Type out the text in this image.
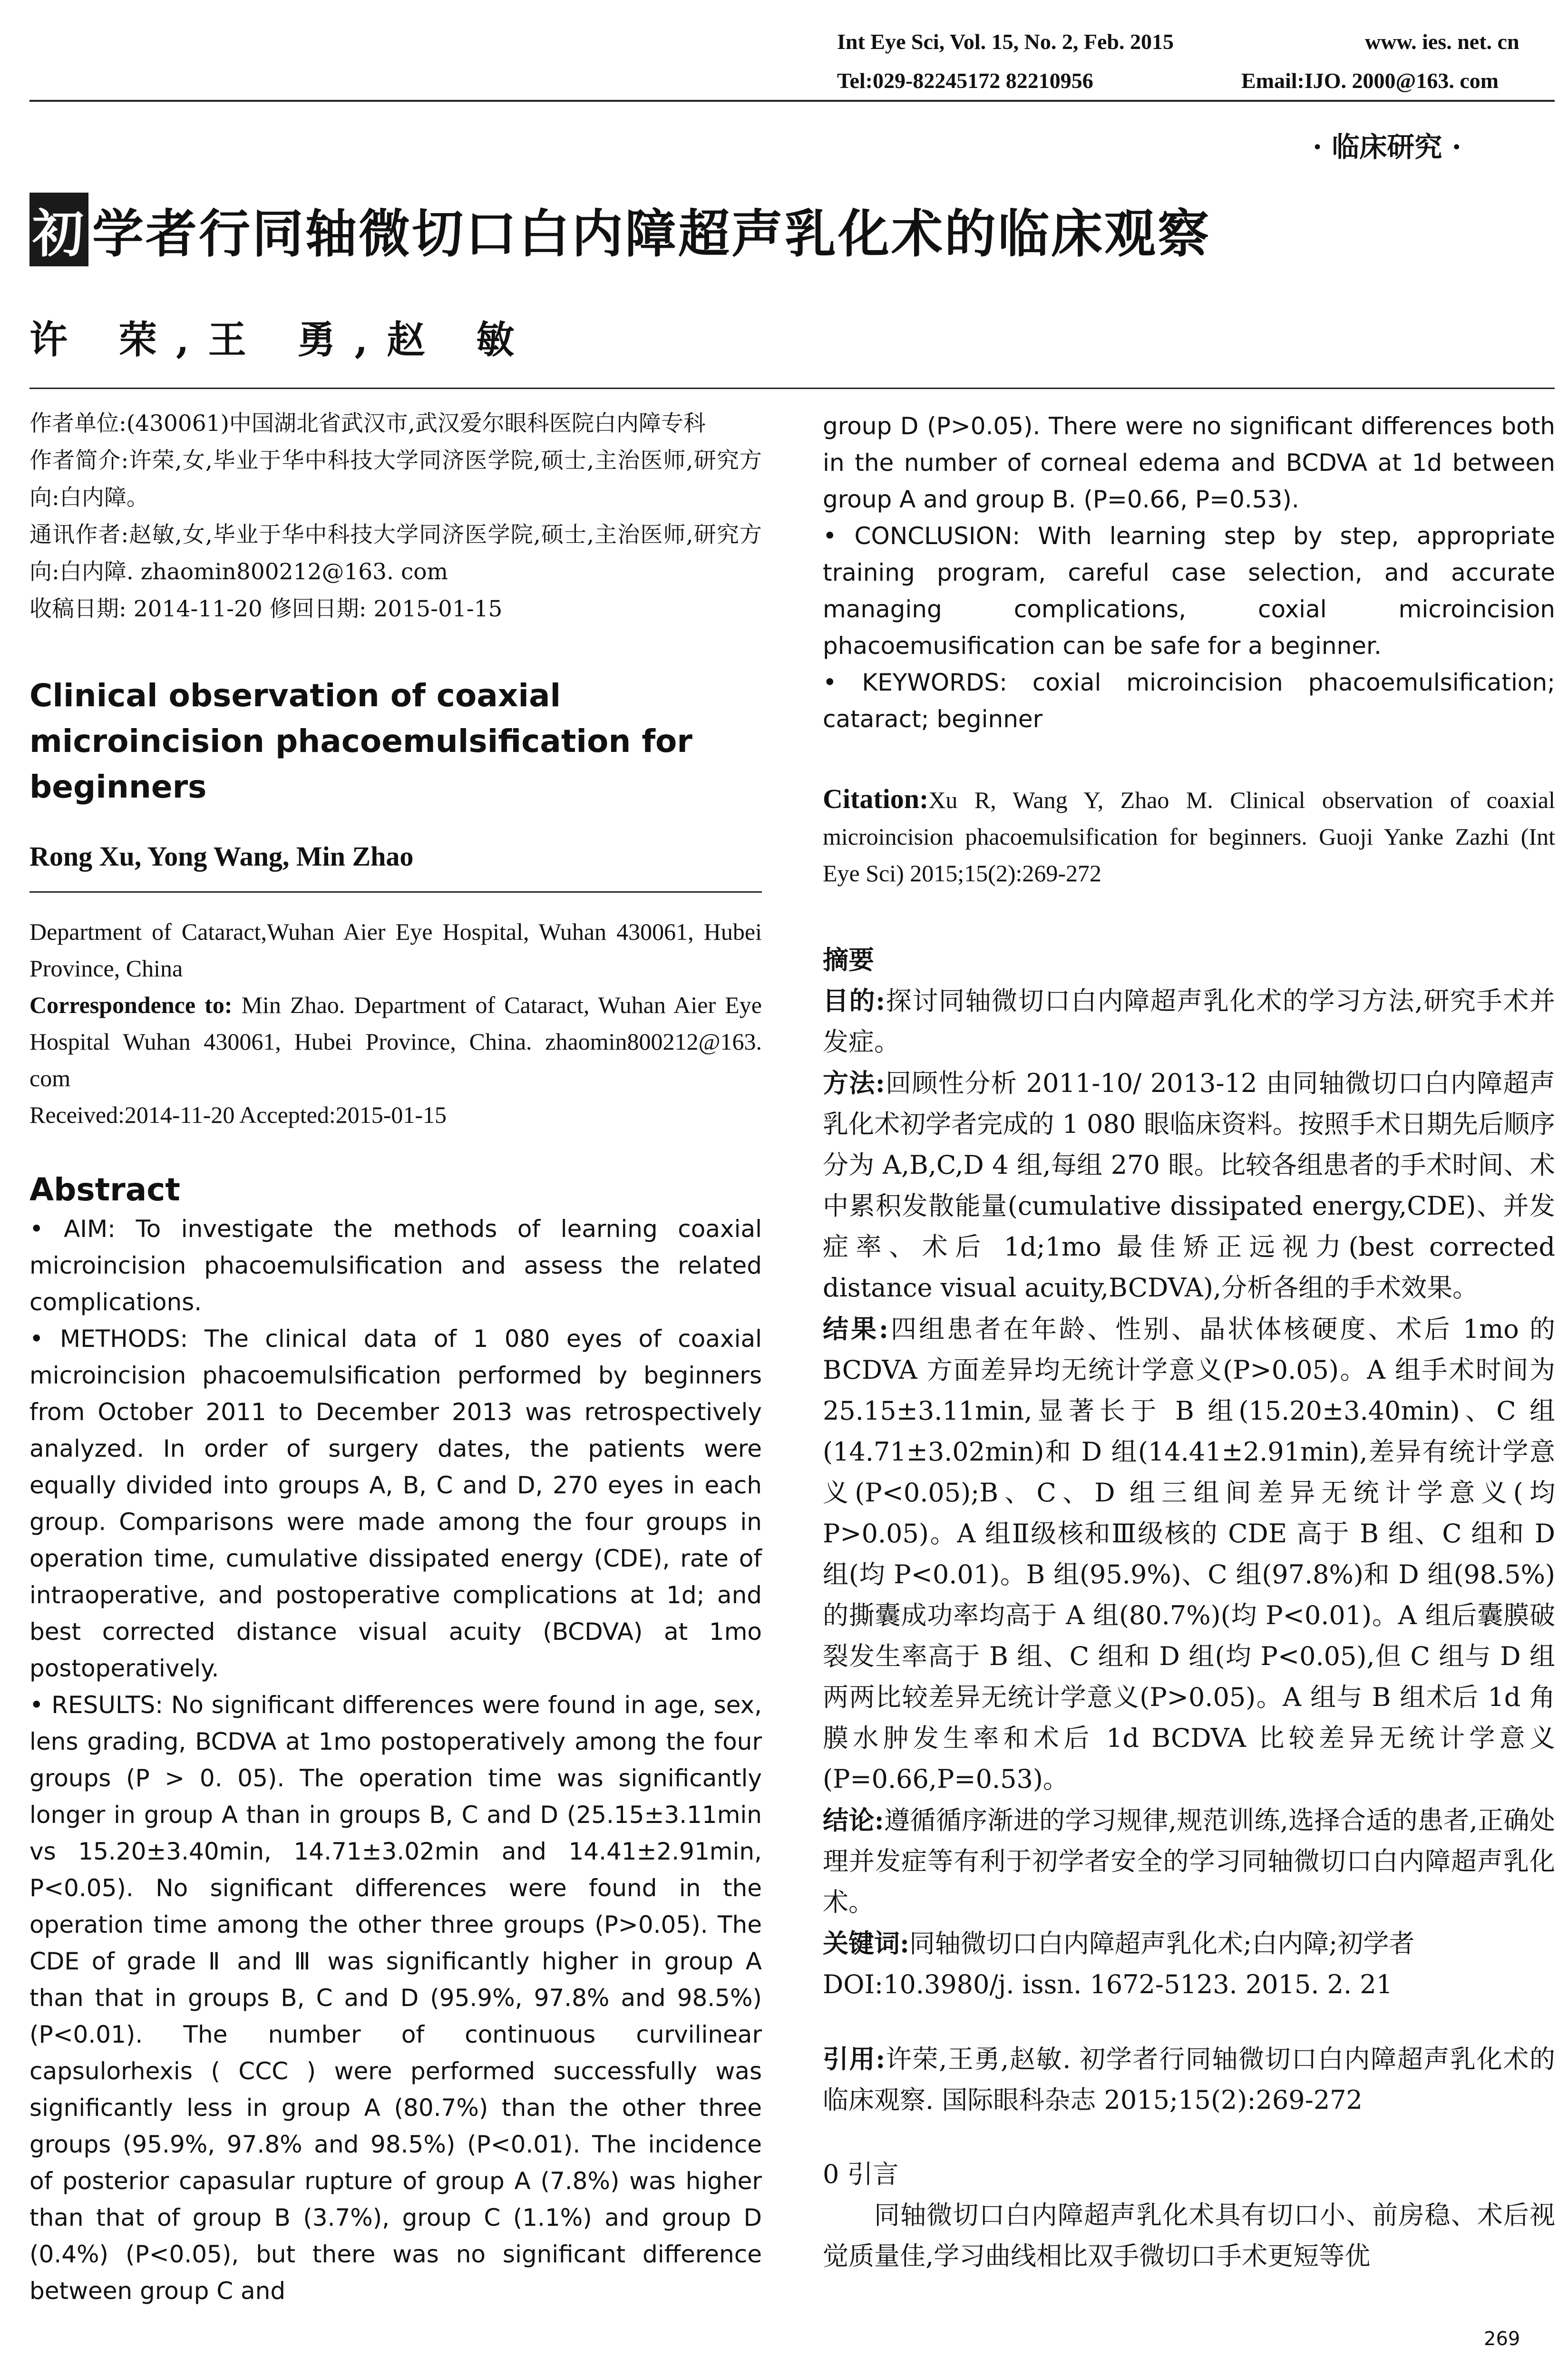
Int Eye Sci, Vol. 15, No. 2, Feb. 2015	www. ies. net. cn
Tel:029-82245172 82210956	Email:IJO. 2000@163. com
· 临床研究 ·
初 学者行同轴微切口白内障超声乳化术的临床观察
许 荣,王 勇,赵 敏

作者单位:(430061)中国湖北省武汉市,武汉爱尔眼科医院白内障专科

作者简介:许荣,女,毕业于华中科技大学同济医学院,硕士,主治医师,研究方向:白内障。

通讯作者:赵敏,女,毕业于华中科技大学同济医学院,硕士,主治医师,研究方向:白内障. zhaomin800212@163. com

收稿日期: 2014-11-20 修回日期: 2015-01-15

Clinical observation of coaxial microincision phacoemulsification for beginners
Rong Xu, Yong Wang, Min Zhao

Department of Cataract,Wuhan Aier Eye Hospital, Wuhan 430061, Hubei Province, China

Correspondence to: Min Zhao. Department of Cataract, Wuhan Aier Eye Hospital Wuhan 430061, Hubei Province, China. zhaomin800212@163. com

Received:2014-11-20 Accepted:2015-01-15

Abstract

• AIM: To investigate the methods of learning coaxial microincision phacoemulsification and assess the related complications.

• METHODS: The clinical data of 1 080 eyes of coaxial microincision phacoemulsification performed by beginners from October 2011 to December 2013 was retrospectively analyzed. In order of surgery dates, the patients were equally divided into groups A, B, C and D, 270 eyes in each group. Comparisons were made among the four groups in operation time, cumulative dissipated energy (CDE), rate of intraoperative, and postoperative complications at 1d; and best corrected distance visual acuity (BCDVA) at 1mo postoperatively.

• RESULTS: No significant differences were found in age, sex, lens grading, BCDVA at 1mo postoperatively among the four groups (P > 0. 05). The operation time was significantly longer in group A than in groups B, C and D (25.15±3.11min vs 15.20±3.40min, 14.71±3.02min and 14.41±2.91min, P<0.05). No significant differences were found in the operation time among the other three groups (P>0.05). The CDE of grade Ⅱ and Ⅲ was significantly higher in group A than that in groups B, C and D (95.9%, 97.8% and 98.5%) (P<0.01). The number of continuous curvilinear capsulorhexis ( CCC ) were performed successfully was significantly less in group A (80.7%) than the other three groups (95.9%, 97.8% and 98.5%) (P<0.01). The incidence of posterior capasular rupture of group A (7.8%) was higher than that of group B (3.7%), group C (1.1%) and group D (0.4%) (P<0.05), but there was no significant difference between group C and

group D (P>0.05). There were no significant differences both in the number of corneal edema and BCDVA at 1d between group A and group B. (P=0.66, P=0.53).

• CONCLUSION: With learning step by step, appropriate training program, careful case selection, and accurate managing complications, coxial microincision phacoemusification can be safe for a beginner.

• KEYWORDS: coxial microincision phacoemulsification; cataract; beginner

Citation:Xu R, Wang Y, Zhao M. Clinical observation of coaxial microincision phacoemulsification for beginners. Guoji Yanke Zazhi (Int Eye Sci) 2015;15(2):269-272
摘要

目的:探讨同轴微切口白内障超声乳化术的学习方法,研究手术并发症。

方法:回顾性分析 2011-10/ 2013-12 由同轴微切口白内障超声乳化术初学者完成的 1 080 眼临床资料。按照手术日期先后顺序分为 A,B,C,D 4 组,每组 270 眼。比较各组患者的手术时间、术中累积发散能量(cumulative dissipated energy,CDE)、并发症率、术后 1d;1mo 最佳矫正远视力(best corrected distance visual acuity,BCDVA),分析各组的手术效果。

结果:四组患者在年龄、性别、晶状体核硬度、术后 1mo 的 BCDVA 方面差异均无统计学意义(P>0.05)。A 组手术时间为 25.15±3.11min,显著长于 B 组(15.20±3.40min)、C 组(14.71±3.02min)和 D 组(14.41±2.91min),差异有统计学意义(P<0.05);B、C、D 组三组间差异无统计学意义(均 P>0.05)。A 组Ⅱ级核和Ⅲ级核的 CDE 高于 B 组、C 组和 D 组(均 P<0.01)。B 组(95.9%)、C 组(97.8%)和 D 组(98.5%)的撕囊成功率均高于 A 组(80.7%)(均 P<0.01)。A 组后囊膜破裂发生率高于 B 组、C 组和 D 组(均 P<0.05),但 C 组与 D 组两两比较差异无统计学意义(P>0.05)。A 组与 B 组术后 1d 角膜水肿发生率和术后 1d BCDVA 比较差异无统计学意义(P=0.66,P=0.53)。

结论:遵循循序渐进的学习规律,规范训练,选择合适的患者,正确处理并发症等有利于初学者安全的学习同轴微切口白内障超声乳化术。

关键词:同轴微切口白内障超声乳化术;白内障;初学者

DOI:10.3980/j. issn. 1672-5123. 2015. 2. 21

引用:许荣,王勇,赵敏. 初学者行同轴微切口白内障超声乳化术的临床观察. 国际眼科杂志 2015;15(2):269-272
0 引言
同轴微切口白内障超声乳化术具有切口小、前房稳、术后视觉质量佳,学习曲线相比双手微切口手术更短等优
269
